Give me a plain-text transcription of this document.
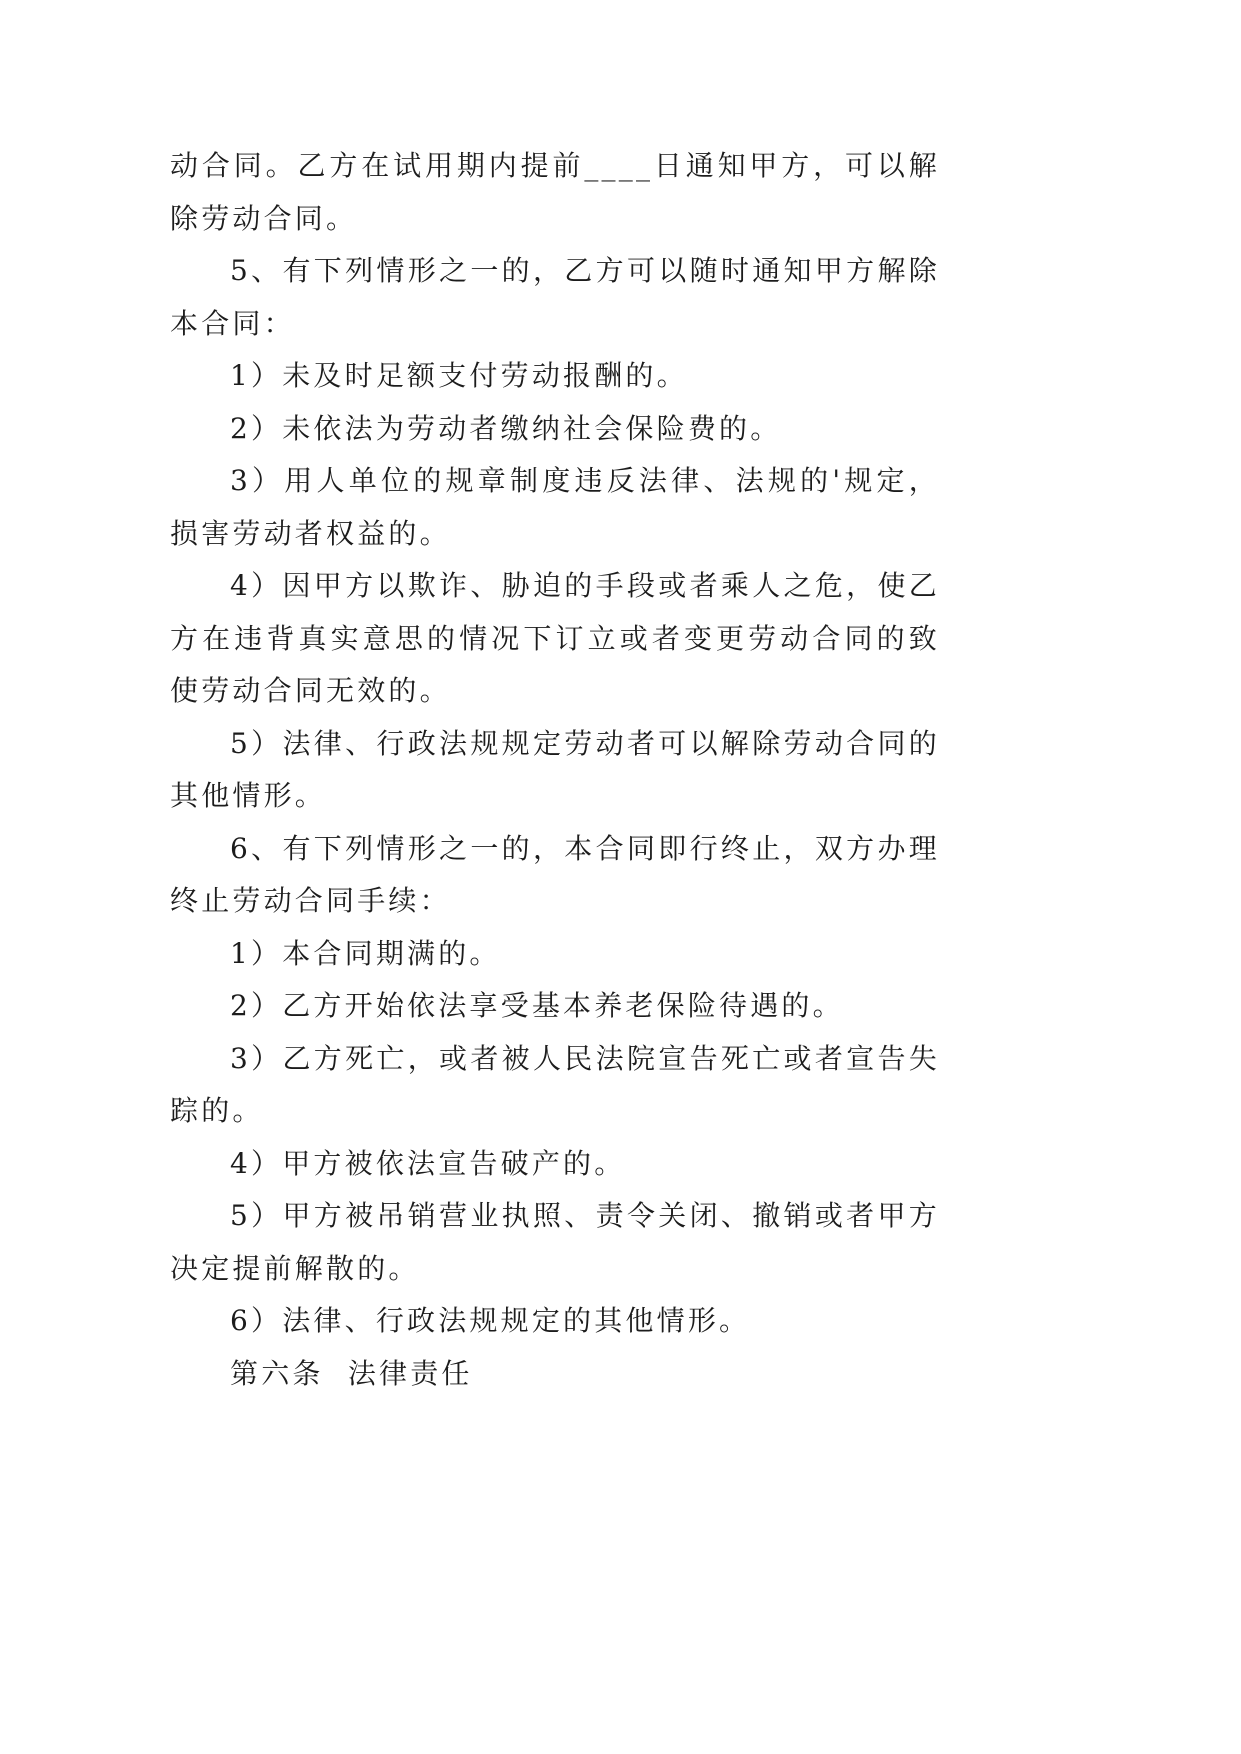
动合同。乙方在试用期内提前____日通知甲方，可以解除劳动合同。

5、有下列情形之一的，乙方可以随时通知甲方解除本合同：

1）未及时足额支付劳动报酬的。

2）未依法为劳动者缴纳社会保险费的。

3）用人单位的规章制度违反法律、法规的'规定，损害劳动者权益的。

4）因甲方以欺诈、胁迫的手段或者乘人之危，使乙方在违背真实意思的情况下订立或者变更劳动合同的致使劳动合同无效的。

5）法律、行政法规规定劳动者可以解除劳动合同的其他情形。

6、有下列情形之一的，本合同即行终止，双方办理终止劳动合同手续：

1）本合同期满的。

2）乙方开始依法享受基本养老保险待遇的。

3）乙方死亡，或者被人民法院宣告死亡或者宣告失踪的。

4）甲方被依法宣告破产的。

5）甲方被吊销营业执照、责令关闭、撤销或者甲方决定提前解散的。

6）法律、行政法规规定的其他情形。

第六条 法律责任
